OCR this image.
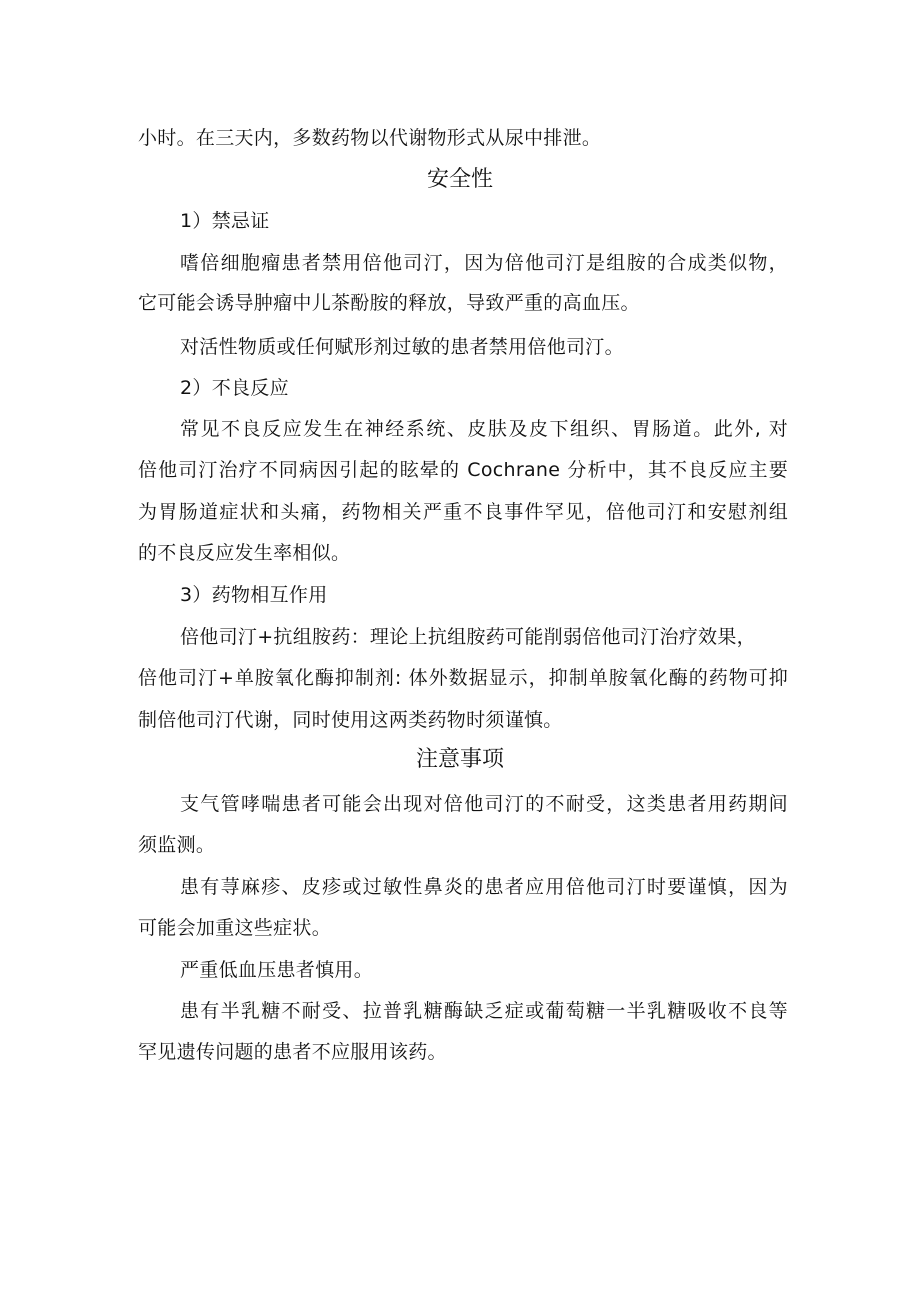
小时。在三天内，多数药物以代谢物形式从尿中排泄。
安全性
1）禁忌证
嗜倍细胞瘤患者禁用倍他司汀，因为倍他司汀是组胺的合成类似物，
它可能会诱导肿瘤中儿茶酚胺的释放，导致严重的高血压。
对活性物质或任何赋形剂过敏的患者禁用倍他司汀。
2）不良反应
常见不良反应发生在神经系统、皮肤及皮下组织、胃肠道。此外, 对
倍他司汀治疗不同病因引起的眩晕的 Cochrane 分析中，其不良反应主要
为胃肠道症状和头痛，药物相关严重不良事件罕见，倍他司汀和安慰剂组
的不良反应发生率相似。
3）药物相互作用
倍他司汀+抗组胺药：理论上抗组胺药可能削弱倍他司汀治疗效果，
倍他司汀+单胺氧化酶抑制剂: 体外数据显示，抑制单胺氧化酶的药物可抑
制倍他司汀代谢，同时使用这两类药物时须谨慎。
注意事项
支气管哮喘患者可能会出现对倍他司汀的不耐受，这类患者用药期间
须监测。
患有荨麻疹、皮疹或过敏性鼻炎的患者应用倍他司汀时要谨慎，因为
可能会加重这些症状。
严重低血压患者慎用。
患有半乳糖不耐受、拉普乳糖酶缺乏症或葡萄糖一半乳糖吸收不良等
罕见遗传问题的患者不应服用该药。
